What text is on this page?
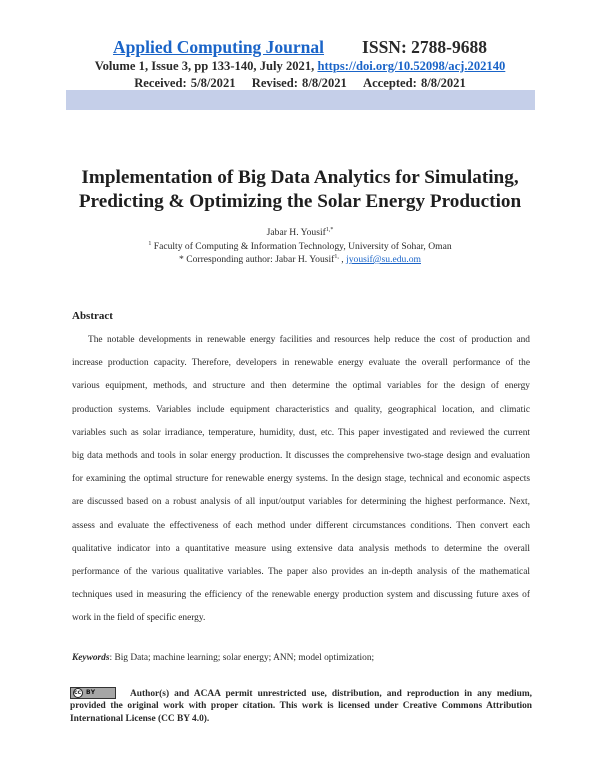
Applied Computing Journal ISSN: 2788-9688
Volume 1, Issue 3, pp 133-140, July 2021, https://doi.org/10.52098/acj.202140
Received: 5/8/2021 Revised: 8/8/2021 Accepted: 8/8/2021
Implementation of Big Data Analytics for Simulating,
Predicting & Optimizing the Solar Energy Production
Jabar H. Yousif$^{1,*}$
$^1$ Faculty of Computing & Information Technology, University of Sohar, Oman
* Corresponding author: Jabar H. Yousif$^{1,}$ , jyousif@su.edu.om
Abstract
The notable developments in renewable energy facilities and resources help reduce the cost of production and
increase production capacity. Therefore, developers in renewable energy evaluate the overall performance of the
various equipment, methods, and structure and then determine the optimal variables for the design of energy
production systems. Variables include equipment characteristics and quality, geographical location, and climatic
variables such as solar irradiance, temperature, humidity, dust, etc. This paper investigated and reviewed the current
big data methods and tools in solar energy production. It discusses the comprehensive two-stage design and evaluation
for examining the optimal structure for renewable energy systems. In the design stage, technical and economic aspects
are discussed based on a robust analysis of all input/output variables for determining the highest performance. Next,
assess and evaluate the effectiveness of each method under different circumstances conditions. Then convert each
qualitative indicator into a quantitative measure using extensive data analysis methods to determine the overall
performance of the various qualitative variables. The paper also provides an in-depth analysis of the mathematical
techniques used in measuring the efficiency of the renewable energy production system and discussing future axes of
work in the field of specific energy.
Keywords: Big Data; machine learning; solar energy; ANN; model optimization;
cc BY	Author(s) and ACAA permit unrestricted use, distribution, and reproduction in any medium,
provided the original work with proper citation. This work is licensed under Creative Commons Attribution
International License (CC BY 4.0).
